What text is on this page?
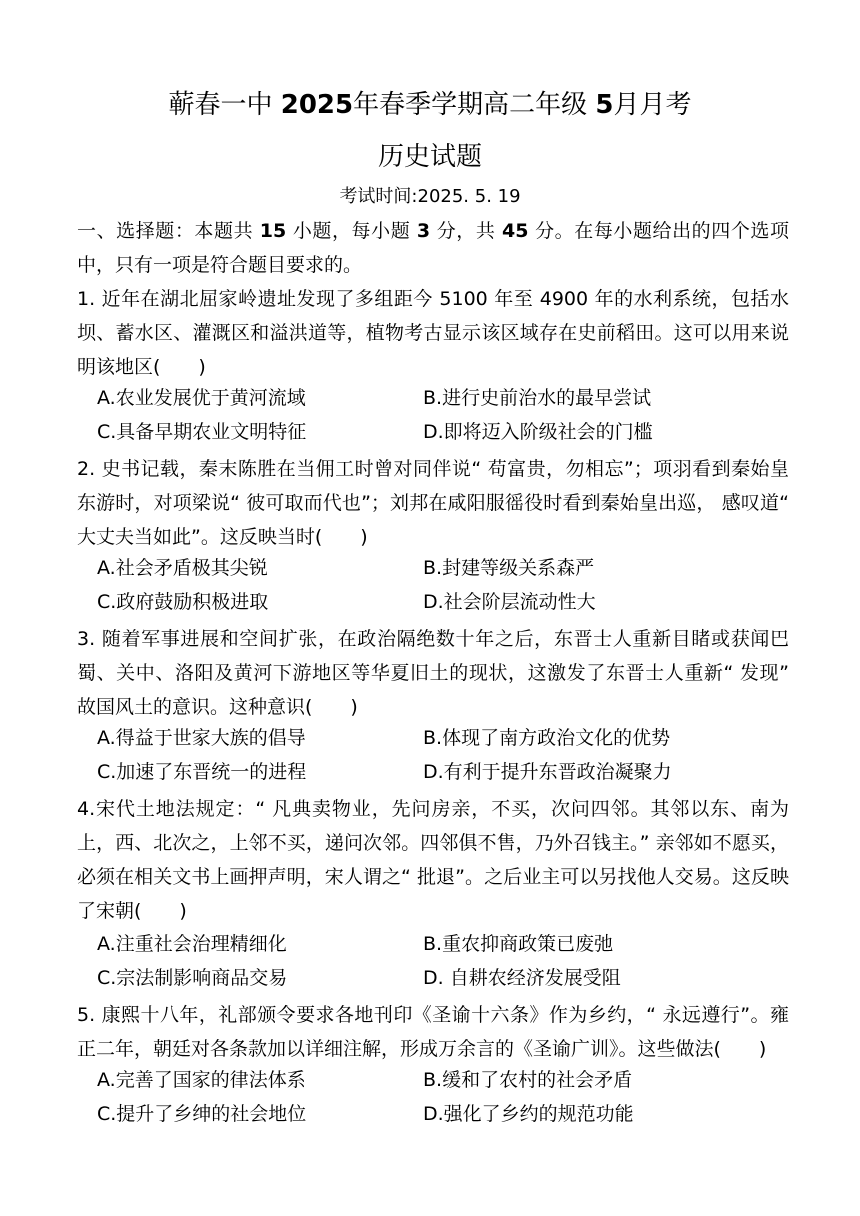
蕲春一中 2025年春季学期高二年级 5月月考
历史试题
考试时间:2025. 5. 19
一、选择题：本题共 15 小题，每小题 3 分，共 45 分。在每小题给出的四个选项中，只有一项是符合题目要求的。
1. 近年在湖北屈家岭遗址发现了多组距今 5100 年至 4900 年的水利系统，包括水坝、蓄水区、灌溉区和溢洪道等，植物考古显示该区域存在史前稻田。这可以用来说明该地区(　　)
A.农业发展优于黄河流域	B.进行史前治水的最早尝试
C.具备早期农业文明特征	D.即将迈入阶级社会的门槛
2. 史书记载，秦末陈胜在当佣工时曾对同伴说“ 苟富贵，勿相忘”；项羽看到秦始皇东游时，对项梁说“ 彼可取而代也”；刘邦在咸阳服徭役时看到秦始皇出巡， 感叹道“ 大丈夫当如此”。这反映当时(　　)
A.社会矛盾极其尖锐	B.封建等级关系森严
C.政府鼓励积极进取	D.社会阶层流动性大
3. 随着军事进展和空间扩张，在政治隔绝数十年之后，东晋士人重新目睹或获闻巴蜀、关中、洛阳及黄河下游地区等华夏旧土的现状，这激发了东晋士人重新“ 发现” 故国风土的意识。这种意识(　　)
A.得益于世家大族的倡导	B.体现了南方政治文化的优势
C.加速了东晋统一的进程	D.有利于提升东晋政治凝聚力
4.宋代土地法规定：“ 凡典卖物业，先问房亲，不买，次问四邻。其邻以东、南为上，西、北次之，上邻不买，递问次邻。四邻俱不售，乃外召钱主。” 亲邻如不愿买，必须在相关文书上画押声明，宋人谓之“ 批退”。之后业主可以另找他人交易。这反映了宋朝(　　)
A.注重社会治理精细化	B.重农抑商政策已废弛
C.宗法制影响商品交易	D. 自耕农经济发展受阻
5. 康熙十八年，礼部颁令要求各地刊印《圣谕十六条》作为乡约，“ 永远遵行”。雍正二年，朝廷对各条款加以详细注解，形成万余言的《圣谕广训》。这些做法(　　)
A.完善了国家的律法体系	B.缓和了农村的社会矛盾
C.提升了乡绅的社会地位	D.强化了乡约的规范功能
